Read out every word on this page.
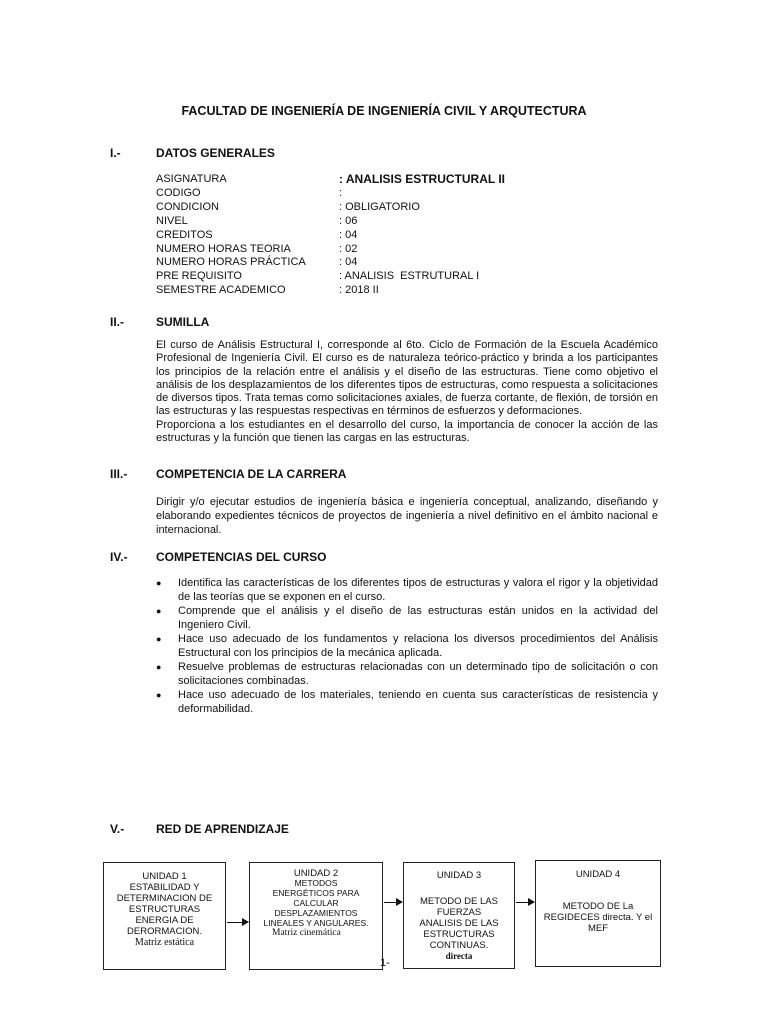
FACULTAD DE INGENIERÍA DE INGENIERÍA CIVIL Y ARQUTECTURA
I.-	DATOS GENERALES
ASIGNATURA	: ANALISIS ESTRUCTURAL II
CODIGO	:
CONDICION	: OBLIGATORIO
NIVEL	: 06
CREDITOS	: 04
NUMERO HORAS TEORIA	: 02
NUMERO HORAS PRÁCTICA	: 04
PRE REQUISITO	: ANALISIS  ESTRUTURAL I
SEMESTRE ACADEMICO	: 2018 II
II.-	SUMILLA

El curso de Análisis Estructural I, corresponde al 6to. Ciclo de Formación de la Escuela Académico Profesional de Ingeniería Civil. El curso es de naturaleza teórico-práctico y brinda a los participantes los principios de la relación entre el análisis y el diseño de las estructuras. Tiene como objetivo el análisis de los desplazamientos de los diferentes tipos de estructuras, como respuesta a solicitaciones de diversos tipos. Trata temas como solicitaciones axiales, de fuerza cortante, de flexión, de torsión en las estructuras y las respuestas respectivas en términos de esfuerzos y deformaciones.

Proporciona a los estudiantes en el desarrollo del curso, la importancia de conocer la acción de las estructuras y la función que tienen las cargas en las estructuras.

III.- COMPETENCIA DE LA CARRERA
Dirigir y/o ejecutar estudios de ingeniería básica e ingeniería conceptual, analizando, diseñando y elaborando expedientes técnicos de proyectos de ingeniería a nivel definitivo en el ámbito nacional e internacional.
IV.- COMPETENCIAS DEL CURSO
●	Identifica las características de los diferentes tipos de estructuras y valora el rigor y la objetividad de las teorías que se exponen en el curso.
●	Comprende que el análisis y el diseño de las estructuras están unidos en la actividad del Ingeniero Civil.
●	Hace uso adecuado de los fundamentos y relaciona los diversos procedimientos del Análisis Estructural con los principios de la mecánica aplicada.
●	Resuelve problemas de estructuras relacionadas con un determinado tipo de solicitación o con solicitaciones combinadas.
●	Hace uso adecuado de los materiales, teniendo en cuenta sus características de resistencia y deformabilidad.
V.-	RED DE APRENDIZAJE
UNIDAD 1
ESTABILIDAD Y
DETERMINACION DE
ESTRUCTURAS
ENERGIA DE
DERORMACION.
Matriz estática
UNIDAD 2
METODOS
ENERGÉTICOS PARA
CALCULAR
DESPLAZAMIENTOS
LINEALES Y ANGULARES.
Matriz cinemática
UNIDAD 3
METODO DE LAS
FUERZAS
ANALISIS DE LAS
ESTRUCTURAS
CONTINUAS.
directa
UNIDAD 4
METODO DE La
REGIDECES directa. Y el
MEF
1-
